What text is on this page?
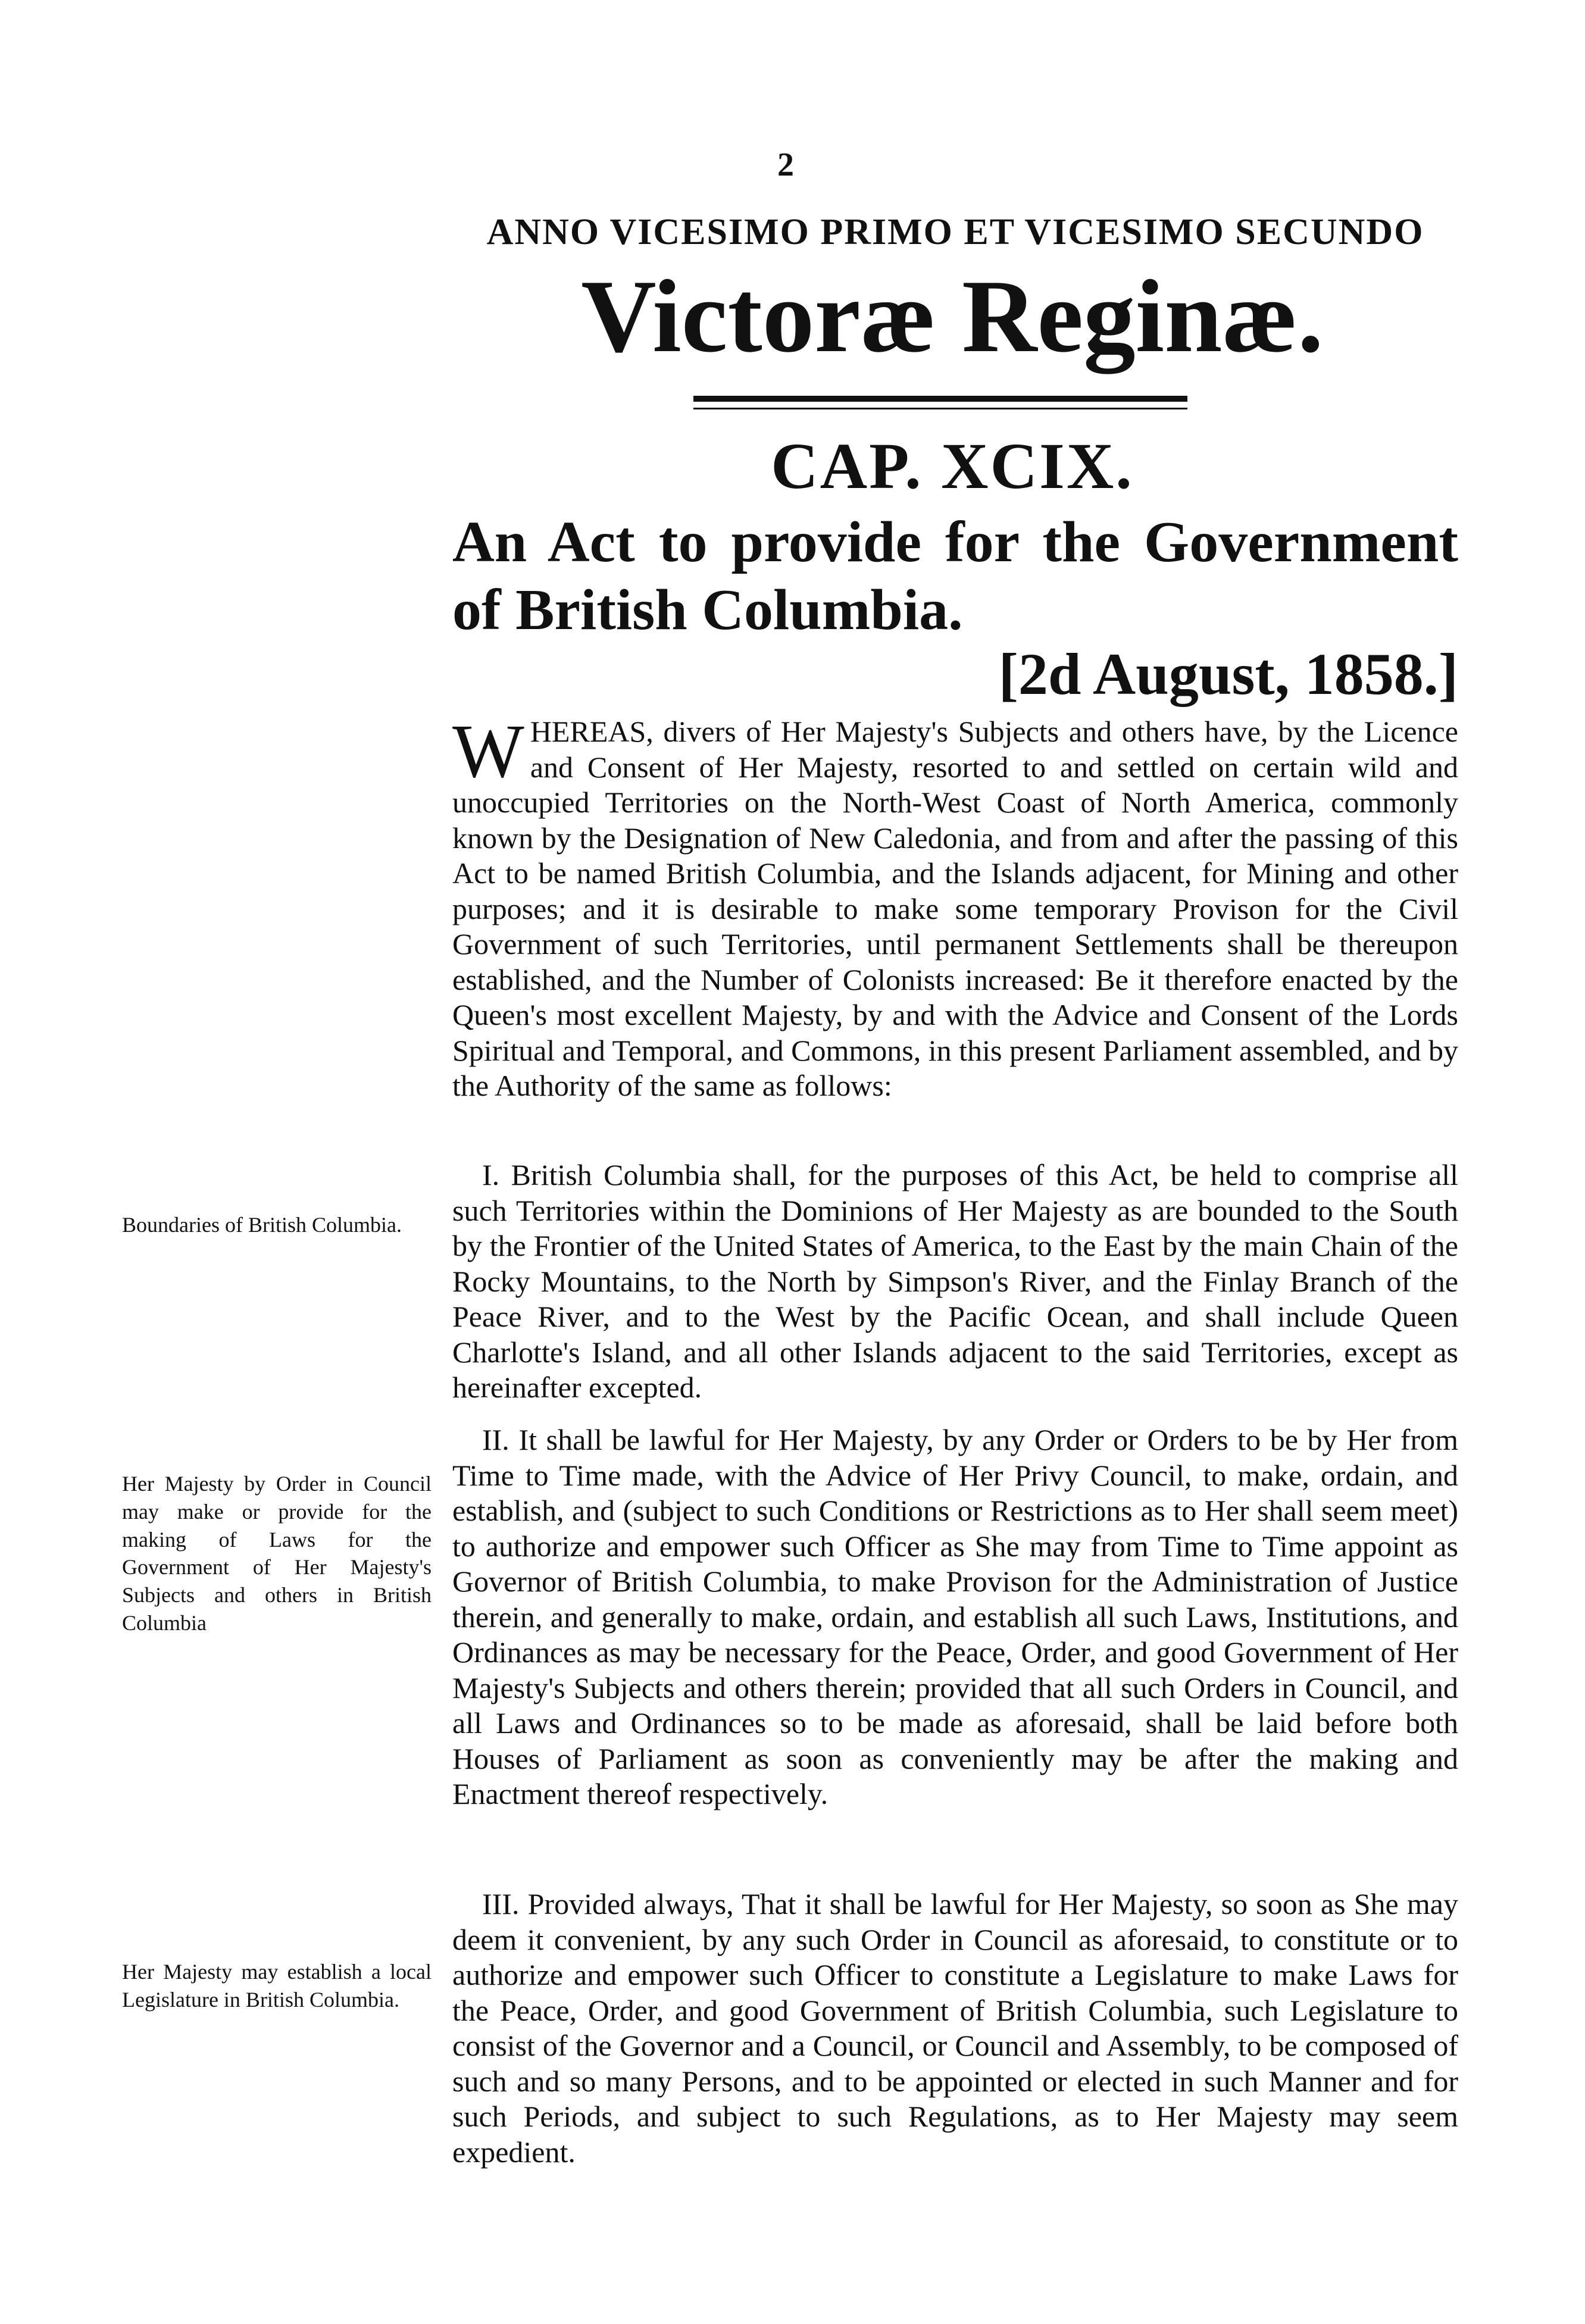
2
ANNO VICESIMO PRIMO ET VICESIMO SECUNDO
Victoræ Reginæ.
CAP. XCIX.
An Act to provide for the Government of British Columbia.
[2d August, 1858.]
WHEREAS, divers of Her Majesty's Subjects and others have, by the Licence and Consent of Her Majesty, resorted to and settled on certain wild and unoccupied Territories on the North-West Coast of North America, commonly known by the Designation of New Caledonia, and from and after the passing of this Act to be named British Columbia, and the Islands adjacent, for Mining and other purposes; and it is desirable to make some temporary Provison for the Civil Government of such Territories, until permanent Settlements shall be thereupon established, and the Number of Colonists increased: Be it therefore enacted by the Queen's most excellent Majesty, by and with the Advice and Consent of the Lords Spiritual and Temporal, and Commons, in this present Parliament assembled, and by the Authority of the same as follows:

I. British Columbia shall, for the purposes of this Act, be held to comprise all such Territories within the Dominions of Her Majesty as are bounded to the South by the Frontier of the United States of America, to the East by the main Chain of the Rocky Mountains, to the North by Simpson's River, and the Finlay Branch of the Peace River, and to the West by the Pacific Ocean, and shall include Queen Charlotte's Island, and all other Islands adjacent to the said Territories, except as hereinafter excepted.

Boundaries of British Columbia.

II. It shall be lawful for Her Majesty, by any Order or Orders to be by Her from Time to Time made, with the Advice of Her Privy Council, to make, ordain, and establish, and (subject to such Conditions or Restrictions as to Her shall seem meet) to authorize and empower such Officer as She may from Time to Time appoint as Governor of British Columbia, to make Provison for the Administration of Justice therein, and generally to make, ordain, and establish all such Laws, Institutions, and Ordinances as may be necessary for the Peace, Order, and good Government of Her Majesty's Subjects and others therein; provided that all such Orders in Council, and all Laws and Ordinances so to be made as aforesaid, shall be laid before both Houses of Parliament as soon as conveniently may be after the making and Enactment thereof respectively.

Her Majesty by Order in Council may make or provide for the making of Laws for the Government of Her Majesty's Subjects and others in British Columbia

III. Provided always, That it shall be lawful for Her Majesty, so soon as She may deem it convenient, by any such Order in Council as aforesaid, to constitute or to authorize and empower such Officer to constitute a Legislature to make Laws for the Peace, Order, and good Government of British Columbia, such Legislature to consist of the Governor and a Council, or Council and Assembly, to be composed of such and so many Persons, and to be appointed or elected in such Manner and for such Periods, and subject to such Regulations, as to Her Majesty may seem expedient.

Her Majesty may establish a local Legislature in British Columbia.
